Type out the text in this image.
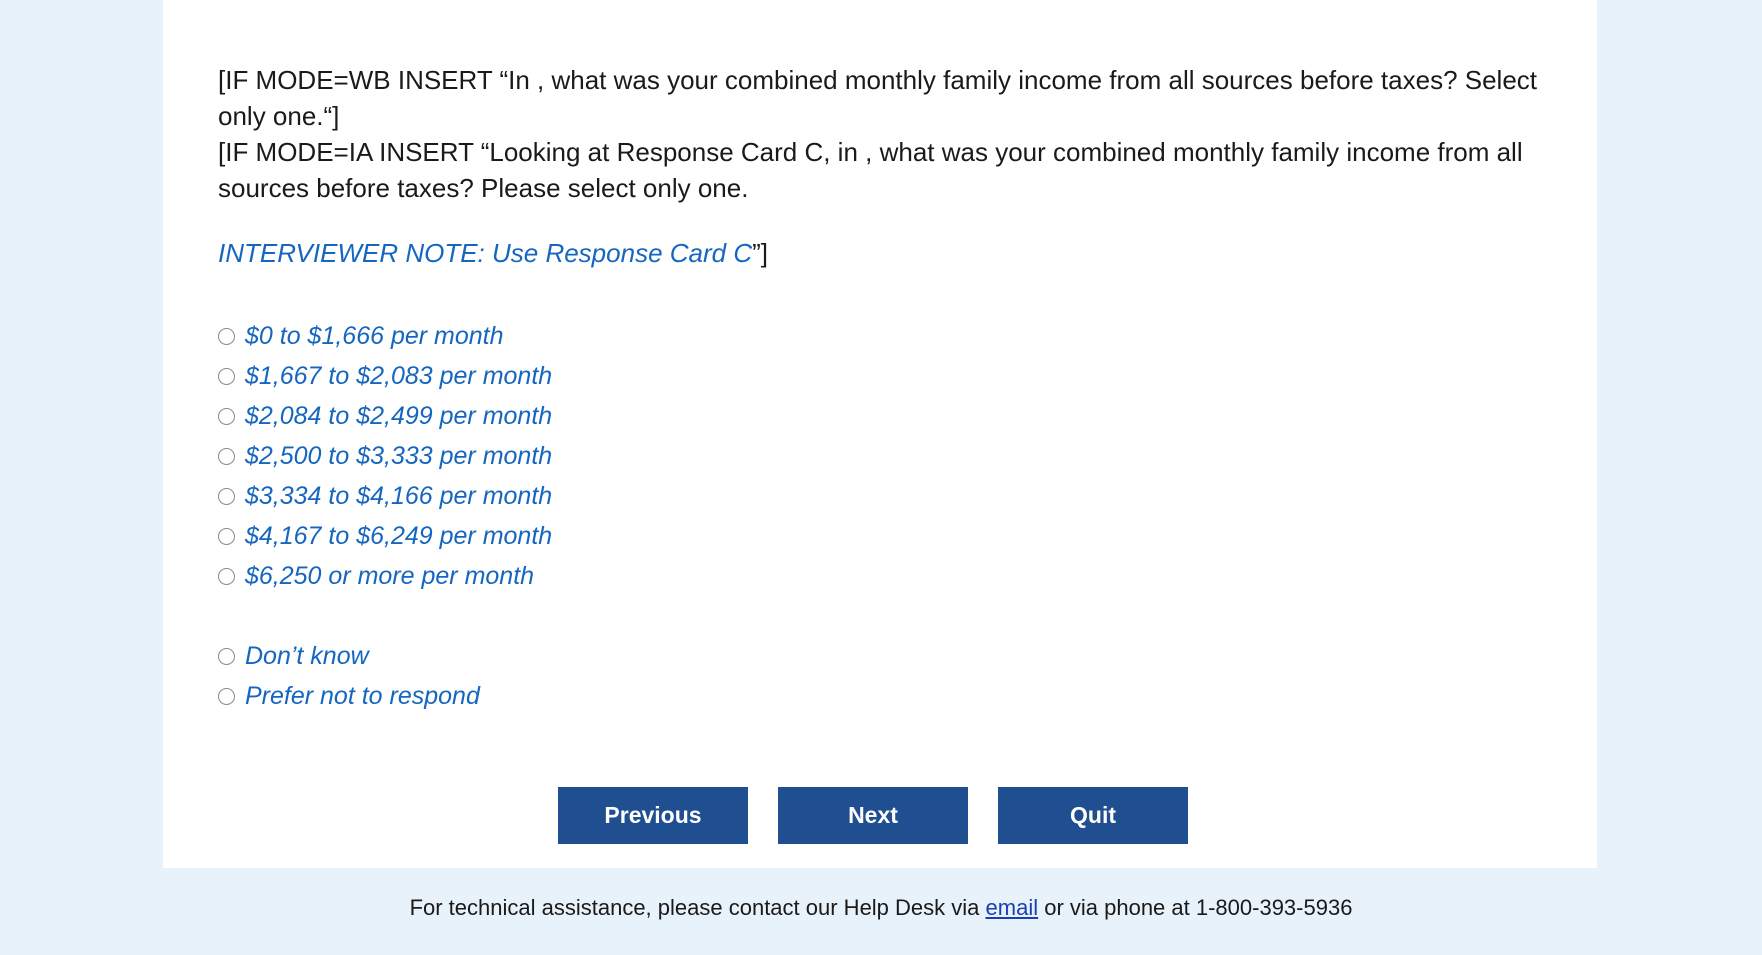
[IF MODE=WB INSERT “In , what was your combined monthly family income from all sources before taxes? Select only one.“]
[IF MODE=IA INSERT “Looking at Response Card C, in , what was your combined monthly family income from all sources before taxes? Please select only one.
INTERVIEWER NOTE: Use Response Card C”]
$0 to $1,666 per month
$1,667 to $2,083 per month
$2,084 to $2,499 per month
$2,500 to $3,333 per month
$3,334 to $4,166 per month
$4,167 to $6,249 per month
$6,250 or more per month
Don’t know
Prefer not to respond
Previous	Next	Quit
For technical assistance, please contact our Help Desk via email or via phone at 1-800-393-5936
